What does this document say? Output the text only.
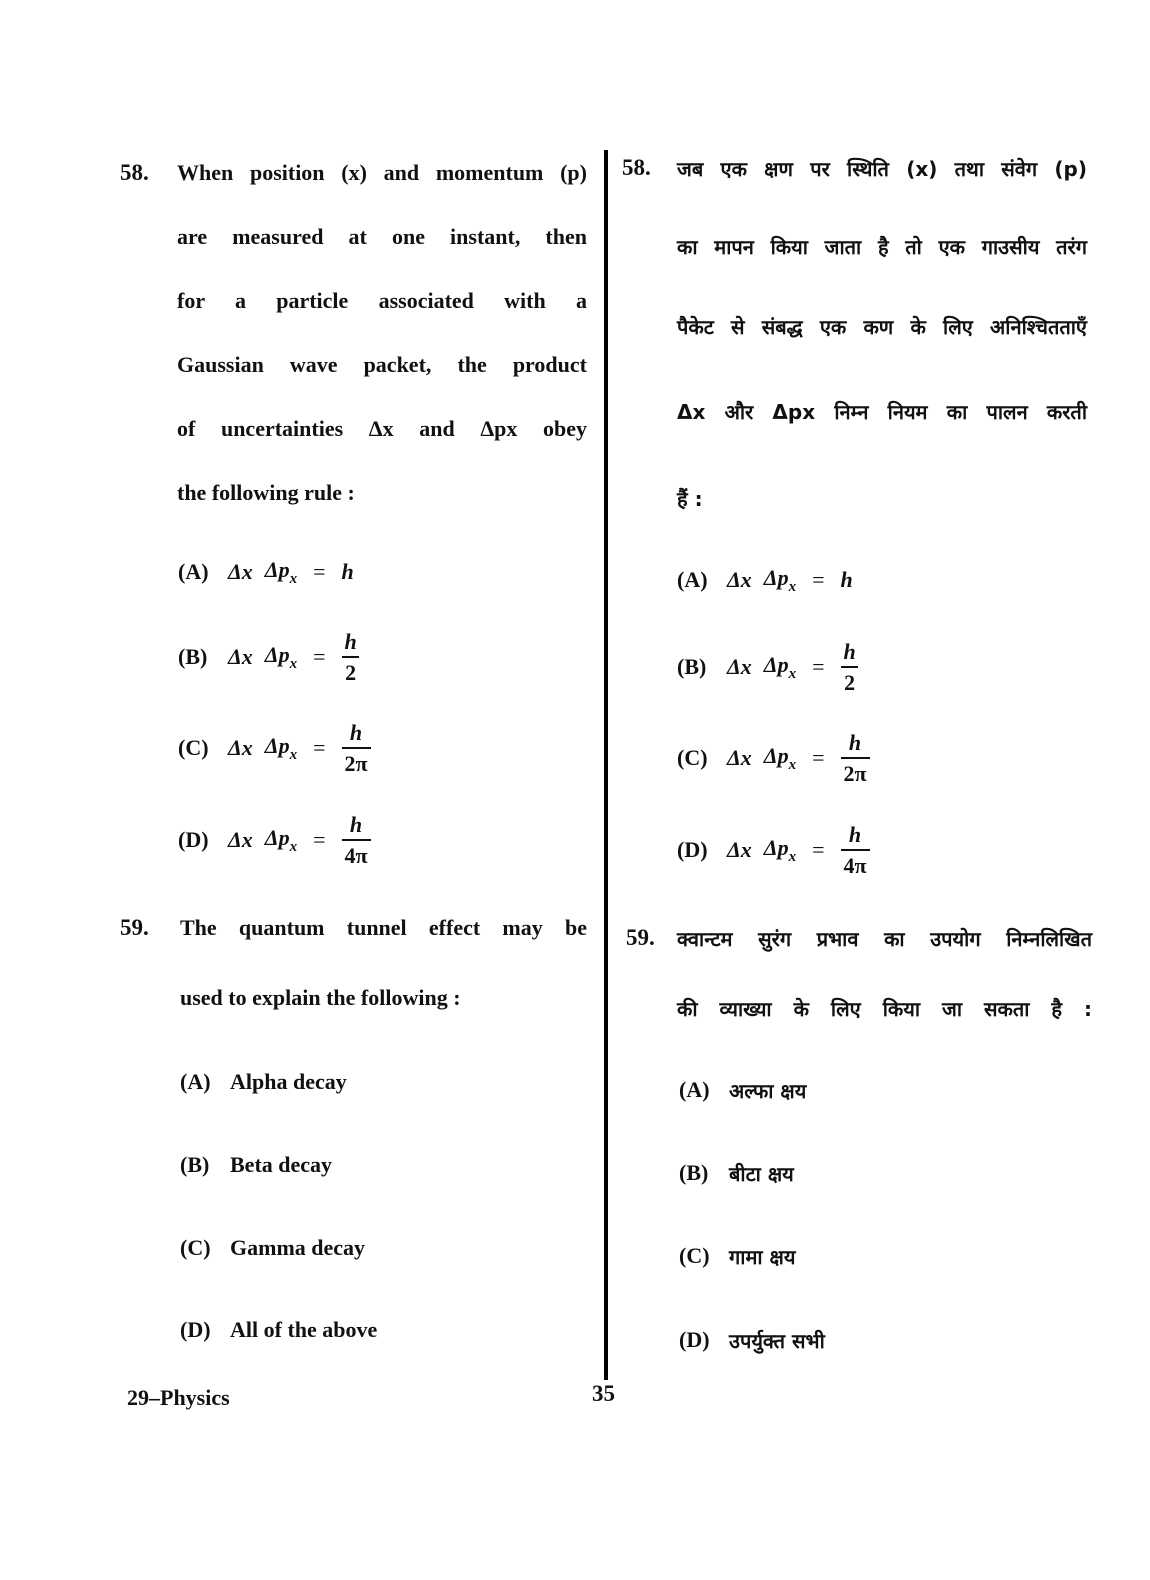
58. When position (x) and momentum (p)
are measured at one instant, then
for a particle associated with a
Gaussian wave packet, the product
of uncertainties Δx and Δpx obey
the following rule :
(A) Δx $\Delta p_x = h$
(B) Δx $\Delta p_x = \frac{h}{2}$
(C) Δx $\Delta p_x = \frac{h}{2\pi}$
(D) Δx $\Delta p_x = \frac{h}{4\pi}$
59. The quantum tunnel effect may be
used to explain the following :
(A) Alpha decay
(B) Beta decay
(C) Gamma decay
(D) All of the above
58. जब एक क्षण पर स्थिति (x) तथा संवेग (p)
का मापन किया जाता है तो एक गाउसीय तरंग
पैकेट से संबद्ध एक कण के लिए अनिश्चितताएँ
Δx और Δpx निम्न नियम का पालन करती
हैं :
(A) Δx $\Delta p_x = h$
(B) Δx $\Delta p_x = \frac{h}{2}$
(C) Δx $\Delta p_x = \frac{h}{2\pi}$
(D) Δx $\Delta p_x = \frac{h}{4\pi}$
59. क्वान्टम सुरंग प्रभाव का उपयोग निम्नलिखित
की व्याख्या के लिए किया जा सकता है :
(A) अल्फा क्षय
(B)	बीटा क्षय
(C) गामा क्षय
(D) उपर्युक्त सभी
29–Physics	35
